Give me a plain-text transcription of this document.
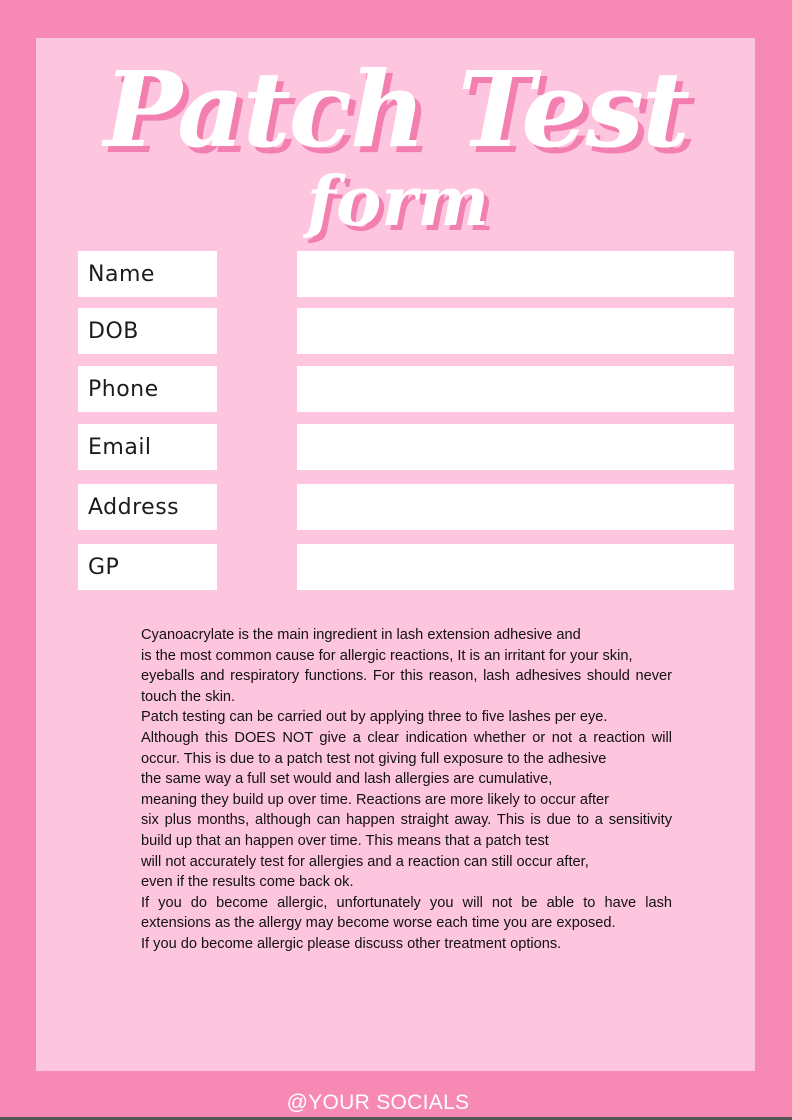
Patch Test
form
Name
DOB
Phone
Email
Address
GP

Cyanoacrylate is the main ingredient in lash extension adhesive and

is the most common cause for allergic reactions, It is an irritant for your skin,

eyeballs and respiratory functions. For this reason, lash adhesives should never touch the skin.

Patch testing can be carried out by applying three to five lashes per eye.

Although this DOES NOT give a clear indication whether or not a reaction will occur. This is due to a patch test not giving full exposure to the adhesive

the same way a full set would and lash allergies are cumulative,

meaning they build up over time. Reactions are more likely to occur after

six plus months, although can happen straight away. This is due to a sensitivity build up that an happen over time. This means that a patch test

will not accurately test for allergies and a reaction can still occur after,

even if the results come back ok.

If you do become allergic, unfortunately you will not be able to have lash extensions as the allergy may become worse each time you are exposed.

If you do become allergic please discuss other treatment options.

@YOUR SOCIALS
